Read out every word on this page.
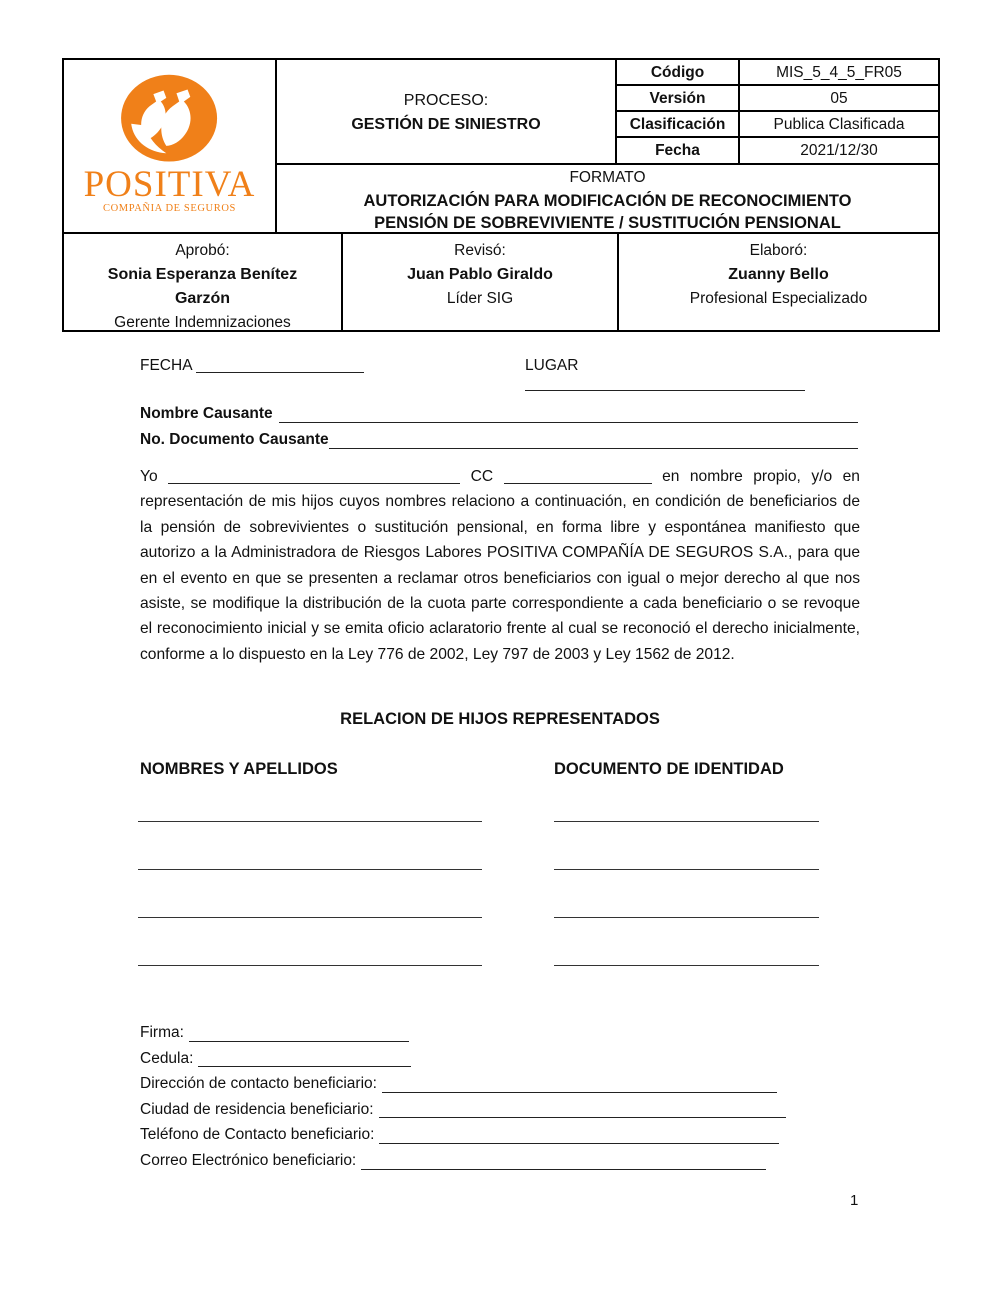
POSITIVA
COMPAÑIA DE SEGUROS
PROCESO:
GESTIÓN DE SINIESTRO
Código	MIS_5_4_5_FR05
Versión	05
Clasificación	Publica Clasificada
Fecha	2021/12/30
FORMATO
AUTORIZACIÓN PARA MODIFICACIÓN DE RECONOCIMIENTO
PENSIÓN DE SOBREVIVIENTE / SUSTITUCIÓN PENSIONAL
Aprobó:
Sonia Esperanza Benítez Garzón
Gerente Indemnizaciones
Revisó:
Juan Pablo Giraldo
Líder SIG
Elaboró:
Zuanny Bello
Profesional Especializado
FECHA	LUGAR
Nombre Causante
No. Documento Causante

Yo	CC	en nombre propio, y/o en representación de mis hijos cuyos nombres relaciono a continuación, en condición de beneficiarios de la pensión de sobrevivientes o sustitución pensional, en forma libre y espontánea manifiesto que autorizo a la Administradora de Riesgos Labores POSITIVA COMPAÑÍA DE SEGUROS S.A., para que en el evento en que se presenten a reclamar otros beneficiarios con igual o mejor derecho al que nos asiste, se modifique la distribución de la cuota parte correspondiente a cada beneficiario o se revoque el reconocimiento inicial y se emita oficio aclaratorio frente al cual se reconoció el derecho inicialmente, conforme a lo dispuesto en la Ley 776 de 2002, Ley 797 de 2003 y Ley 1562 de 2012.

RELACION DE HIJOS REPRESENTADOS
NOMBRES Y APELLIDOS	DOCUMENTO DE IDENTIDAD
Firma:
Cedula:
Dirección de contacto beneficiario:
Ciudad de residencia beneficiario:
Teléfono de Contacto beneficiario:
Correo Electrónico beneficiario:
1
